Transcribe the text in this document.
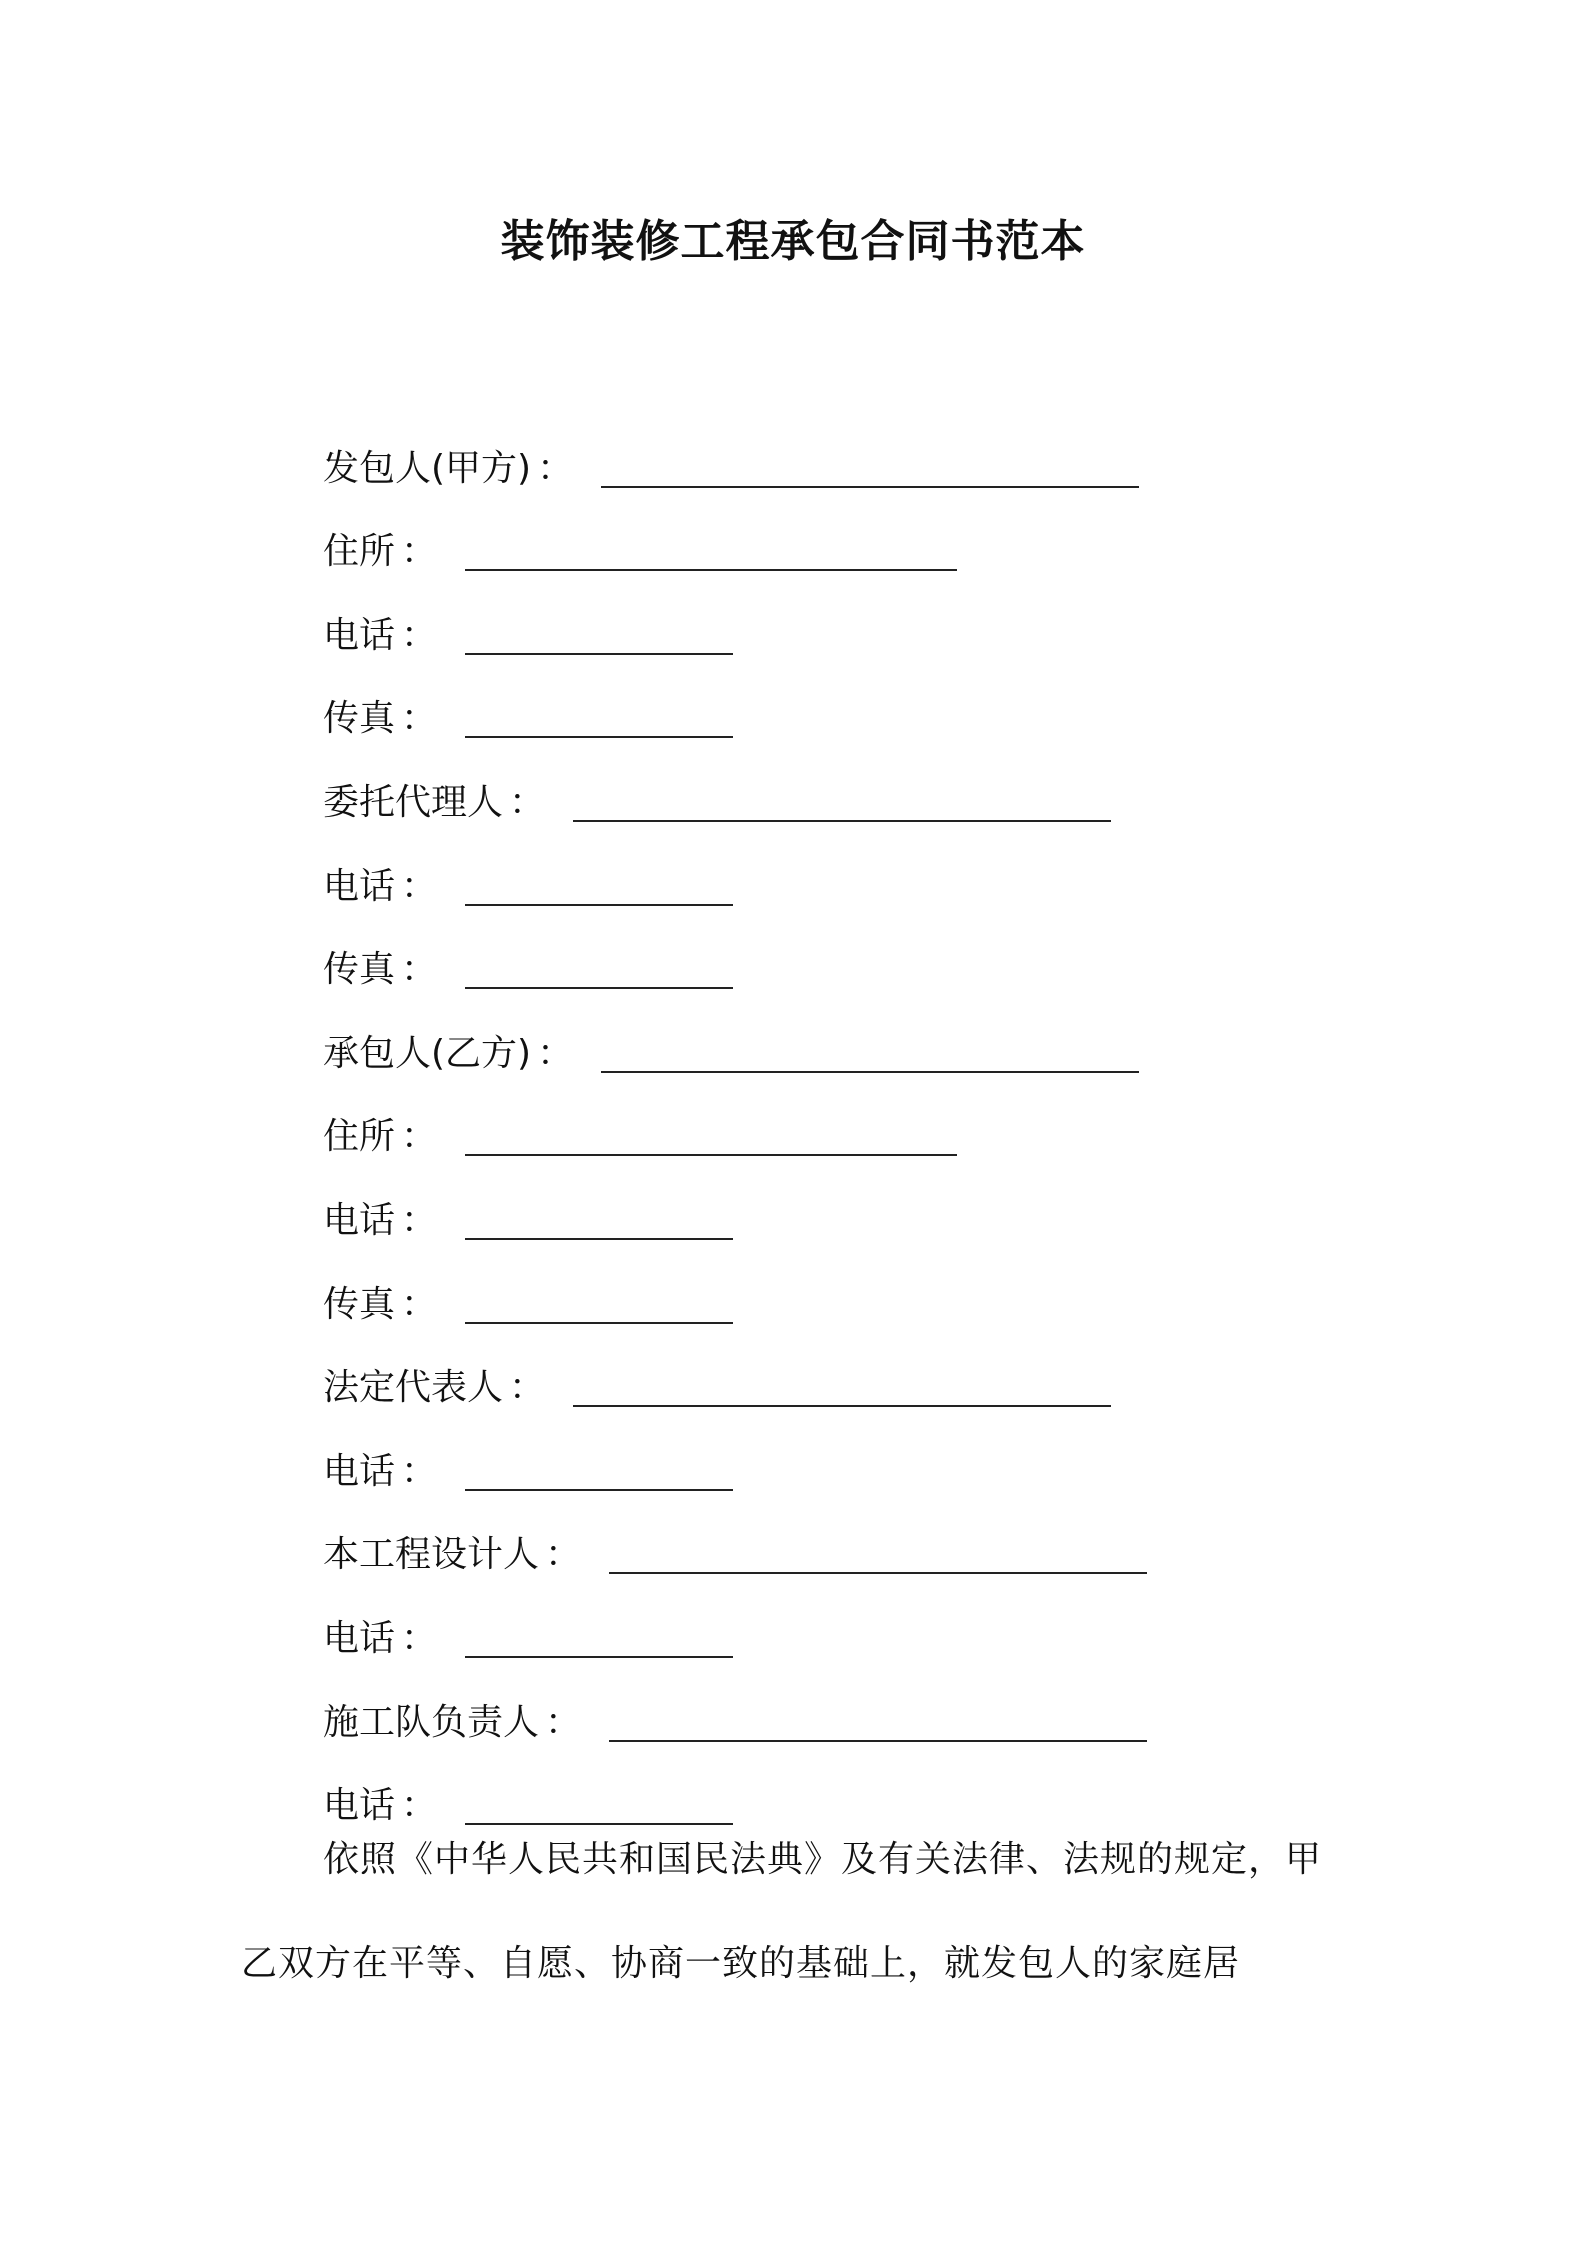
装饰装修工程承包合同书范本
发包人(甲方) ：
住所 ：
电话 ：
传真 ：
委托代理人 ：
电话 ：
传真 ：
承包人(乙方) ：
住所 ：
电话 ：
传真 ：
法定代表人 ：
电话 ：
本工程设计人 ：
电话 ：
施工队负责人 ：
电话 ：
依照《中华人民共和国民法典》及有关法律、法规的规定，甲乙双方在平等、自愿、协商一致的基础上，就发包人的家庭居
